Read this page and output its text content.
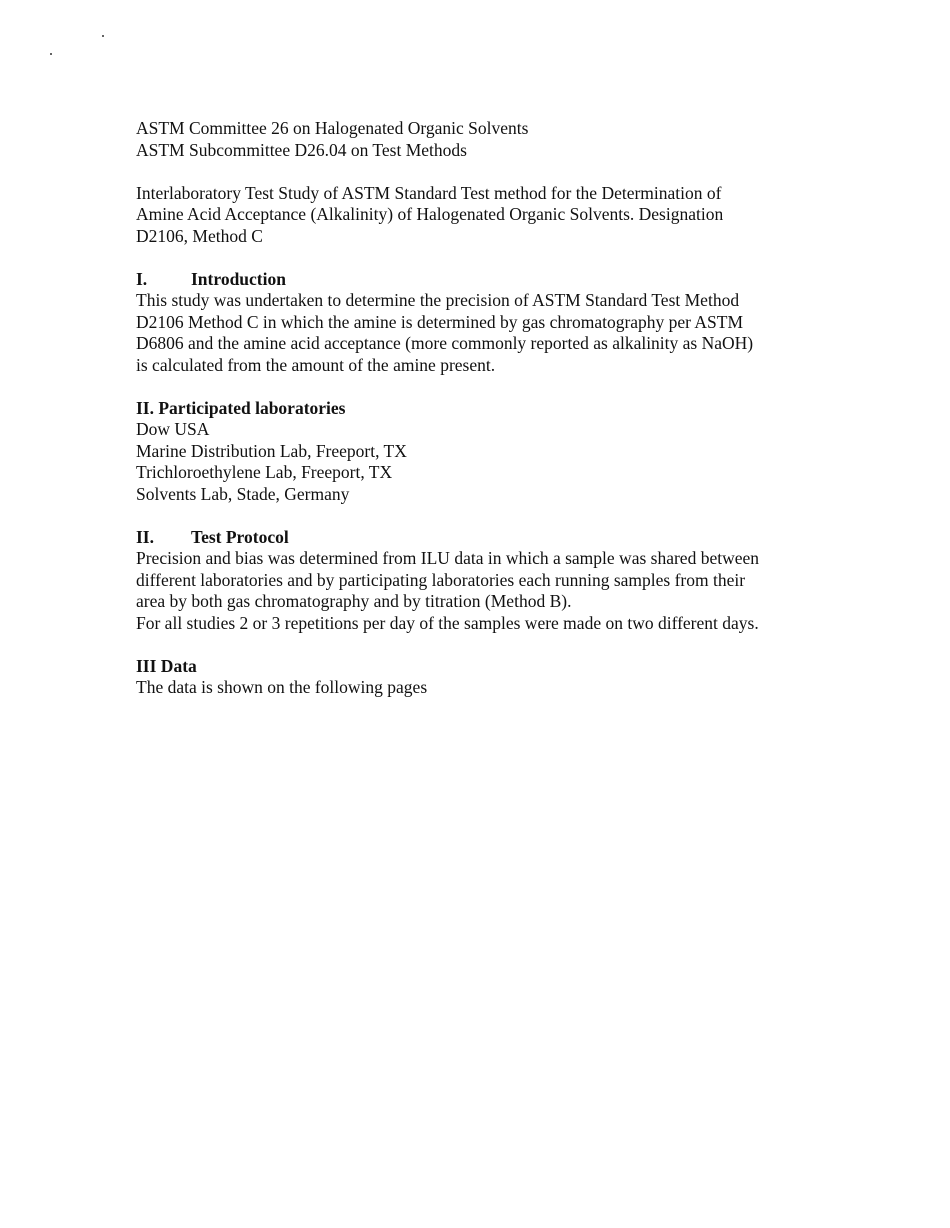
ASTM Committee 26 on Halogenated Organic Solvents
ASTM Subcommittee D26.04 on Test Methods
Interlaboratory Test Study of ASTM Standard Test method for the Determination of
Amine Acid Acceptance (Alkalinity) of Halogenated Organic Solvents. Designation
D2106, Method C
I.	Introduction
This study was undertaken to determine the precision of ASTM Standard Test Method
D2106 Method C in which the amine is determined by gas chromatography per ASTM
D6806 and the amine acid acceptance (more commonly reported as alkalinity as NaOH)
is calculated from the amount of the amine present.
II. Participated laboratories
Dow USA
Marine Distribution Lab, Freeport, TX
Trichloroethylene Lab, Freeport, TX
Solvents Lab, Stade, Germany
II. Test Protocol
Precision and bias was determined from ILU data in which a sample was shared between
different laboratories and by participating laboratories each running samples from their
area by both gas chromatography and by titration (Method B).
For all studies 2 or 3 repetitions per day of the samples were made on two different days.
III Data
The data is shown on the following pages
